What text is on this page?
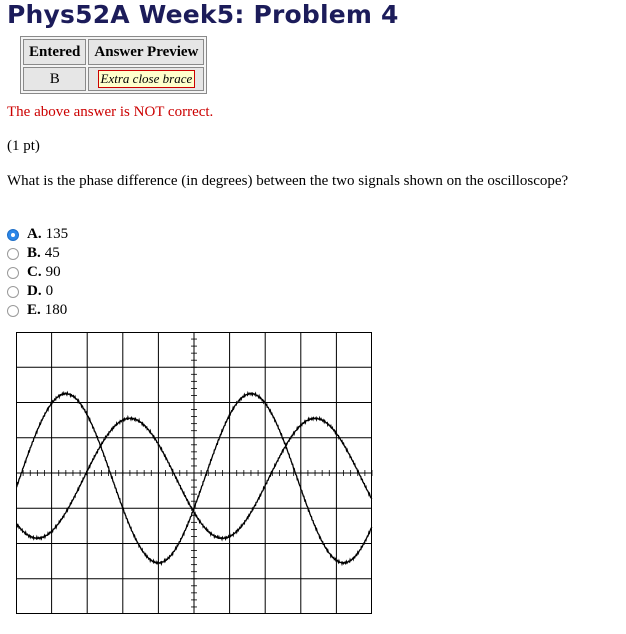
Phys52A Week5: Problem 4
Entered	Answer Preview
B	Extra close brace

The above answer is NOT correct.

(1 pt)

What is the phase difference (in degrees) between the two signals shown on the oscilloscope?

A. 135
B. 45
C. 90
D. 0
E. 180
